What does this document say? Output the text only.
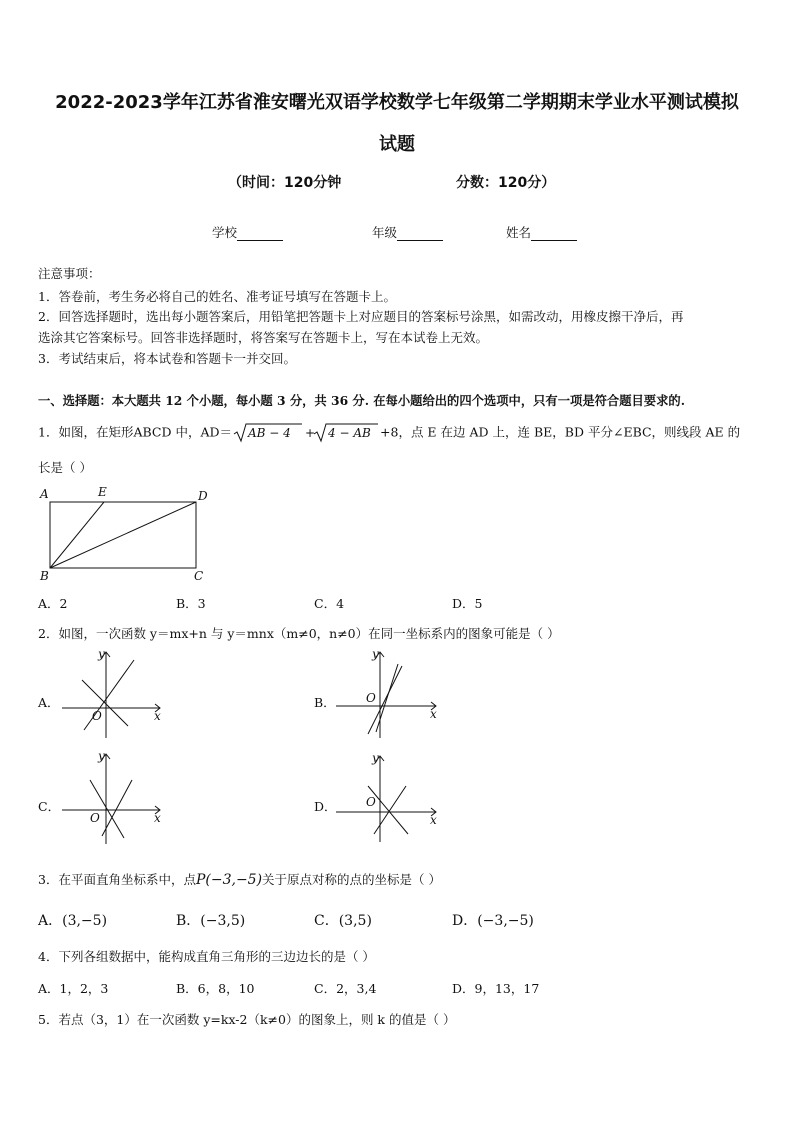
2022-2023学年江苏省淮安曙光双语学校数学七年级第二学期期末学业水平测试模拟
试题
（时间：120分钟	分数：120分）
学校	年级	姓名
注意事项：
1．答卷前，考生务必将自己的姓名、准考证号填写在答题卡上。
2．回答选择题时，选出每小题答案后，用铅笔把答题卡上对应题目的答案标号涂黑，如需改动，用橡皮擦干净后，再
选涂其它答案标号。回答非选择题时，将答案写在答题卡上，写在本试卷上无效。
3．考试结束后，将本试卷和答题卡一并交回。
一、选择题：本大题共 12 个小题，每小题 3 分，共 36 分. 在每小题给出的四个选项中，只有一项是符合题目要求的.
1．如图，在矩形ABCD 中，AD＝ AB − 4 + 4 − AB +8，点 E 在边 AD 上，连 BE，BD 平分∠EBC，则线段 AE 的
长是（ ）
A	E	D
B	C
A．2	B．3	C．4	D．5
2．如图，一次函数 y＝mx+n 与 y＝mnx（m≠0，n≠0）在同一坐标系内的图象可能是（ ）
A．
x
y
O
B．
x
y
O
C．
x
y
O
D．
x
y
O
3．在平面直角坐标系中，点P(−3,−5)关于原点对称的点的坐标是（ ）
A．(3,−5)	B．(−3,5)	C．(3,5)	D．(−3,−5)
4．下列各组数据中，能构成直角三角形的三边边长的是（ ）
A．1，2，3	B．6，8，10	C．2，3,4	D．9，13，17
5．若点（3，1）在一次函数 y=kx-2（k≠0）的图象上，则 k 的值是（ ）
